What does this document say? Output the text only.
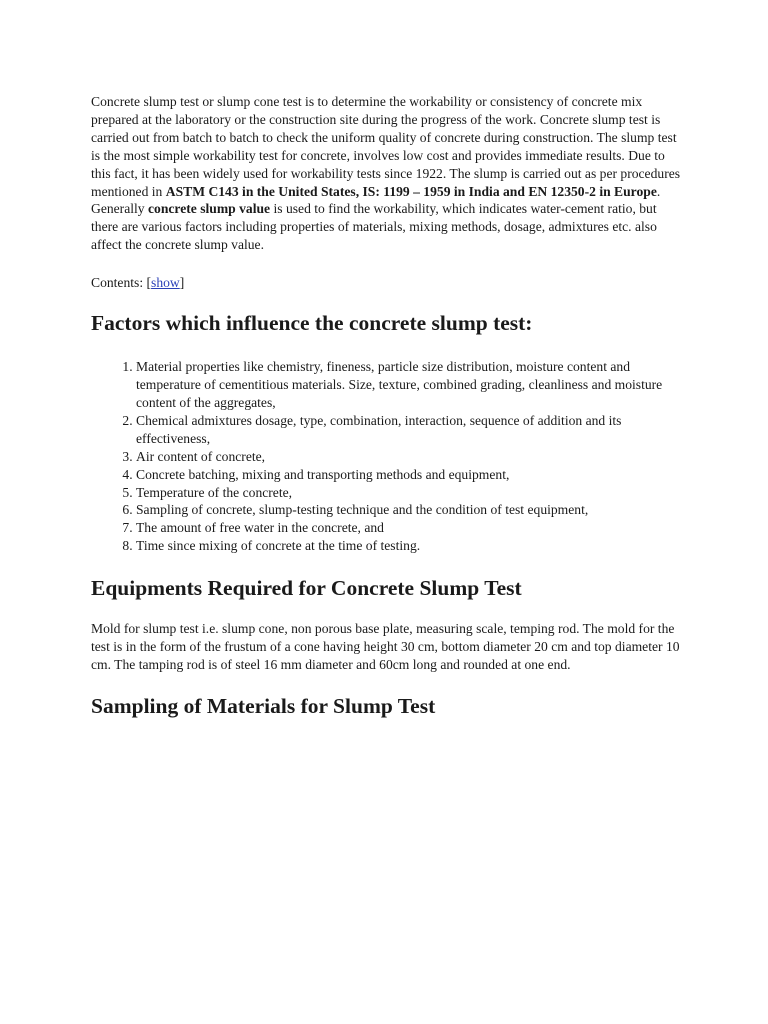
Concrete slump test or slump cone test is to determine the workability or consistency of concrete mix prepared at the laboratory or the construction site during the progress of the work. Concrete slump test is carried out from batch to batch to check the uniform quality of concrete during construction. The slump test is the most simple workability test for concrete, involves low cost and provides immediate results. Due to this fact, it has been widely used for workability tests since 1922. The slump is carried out as per procedures mentioned in ASTM C143 in the United States, IS: 1199 – 1959 in India and EN 12350-2 in Europe. Generally concrete slump value is used to find the workability, which indicates water-cement ratio, but there are various factors including properties of materials, mixing methods, dosage, admixtures etc. also affect the concrete slump value.

Contents: [show]

Factors which influence the concrete slump test:
1. Material properties like chemistry, fineness, particle size distribution, moisture content and temperature of cementitious materials. Size, texture, combined grading, cleanliness and moisture content of the aggregates,
2. Chemical admixtures dosage, type, combination, interaction, sequence of addition and its effectiveness,
3. Air content of concrete,
4. Concrete batching, mixing and transporting methods and equipment,
5. Temperature of the concrete,
6. Sampling of concrete, slump-testing technique and the condition of test equipment,
7. The amount of free water in the concrete, and
8. Time since mixing of concrete at the time of testing.
Equipments Required for Concrete Slump Test

Mold for slump test i.e. slump cone, non porous base plate, measuring scale, temping rod. The mold for the test is in the form of the frustum of a cone having height 30 cm, bottom diameter 20 cm and top diameter 10 cm. The tamping rod is of steel 16 mm diameter and 60cm long and rounded at one end.

Sampling of Materials for Slump Test
